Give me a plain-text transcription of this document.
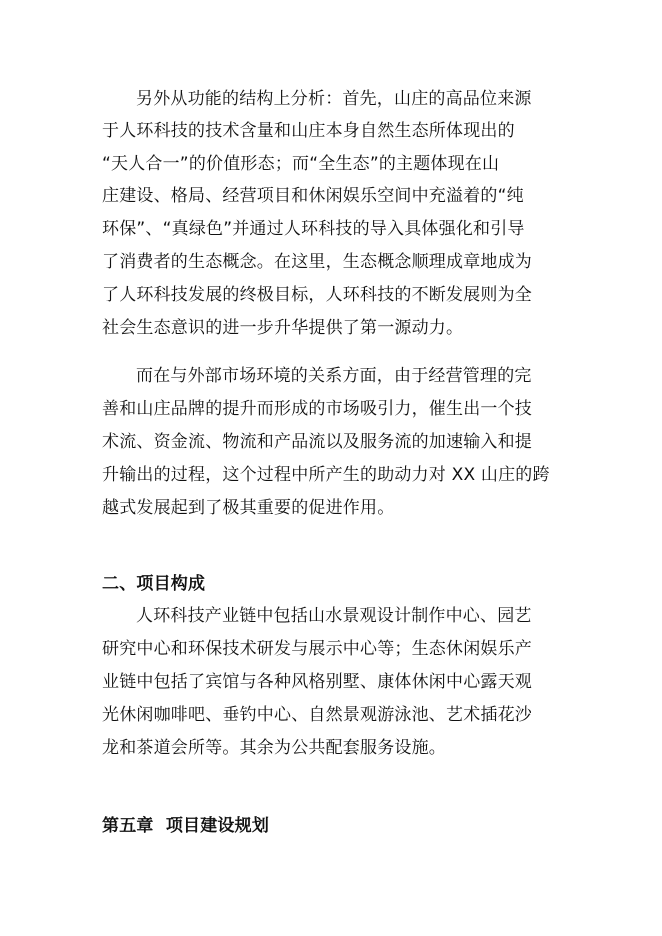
另外从功能的结构上分析：首先，山庄的高品位来源
于人环科技的技术含量和山庄本身自然生态所体现出的
“天人合一”的价值形态；而“全生态”的主题体现在山
庄建设、格局、经营项目和休闲娱乐空间中充溢着的“纯
环保”、“真绿色”并通过人环科技的导入具体强化和引导
了消费者的生态概念。在这里，生态概念顺理成章地成为
了人环科技发展的终极目标，人环科技的不断发展则为全
社会生态意识的进一步升华提供了第一源动力。
而在与外部市场环境的关系方面，由于经营管理的完
善和山庄品牌的提升而形成的市场吸引力，催生出一个技
术流、资金流、物流和产品流以及服务流的加速输入和提
升输出的过程，这个过程中所产生的助动力对 XX 山庄的跨
越式发展起到了极其重要的促进作用。
二、项目构成
人环科技产业链中包括山水景观设计制作中心、园艺
研究中心和环保技术研发与展示中心等；生态休闲娱乐产
业链中包括了宾馆与各种风格别墅、康体休闲中心露天观
光休闲咖啡吧、垂钓中心、自然景观游泳池、艺术插花沙
龙和茶道会所等。其余为公共配套服务设施。
第五章  项目建设规划
